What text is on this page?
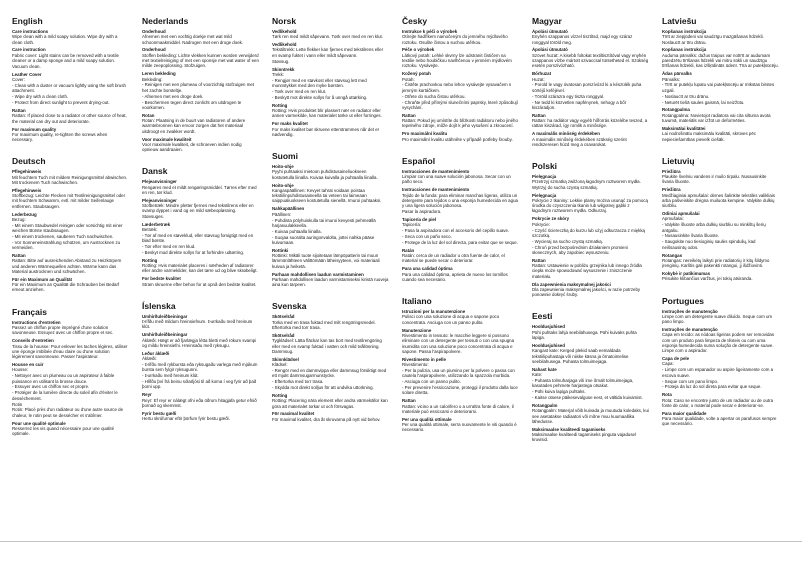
English
Care instructions

Wipe clean with a mild soapy solution. Wipe dry with a clean cloth.

Care instruction

Fabric cover: Light stains can be removed with a textile cleaner or a damp sponge and a mild soapy solution.

Vacuum clean.

Leather Cover

Cover:

- Clean with a duster or vacuum lightly using the soft brush attachment.

- Wipe dry with a clean cloth.

- Protect from direct sunlight to prevent drying-out.

Rattan

Rattan: If placed close to a radiator or other source of heat, the material can dry out and deteriorate.

For maximum quality

For maximum quality, re-tighten the screws when necessary.

Deutsch
Pflegehinweis

Mit feuchtem Tuch mit mildem Reinigungsmittel abwischen. Mit trockenem Tuch nachwischen.

Pflegehinweis

Stoffbezug: Leichte Flecken mit Textilreinigungsmittel oder mit feuchtem Schwamm, evtl. mit milder Seifenlauge entfernen. Staubsaugen.

Lederbezug

Bezug:

- Mit einem Staubwedel reinigen oder vorsichtig mit einer weichen Bürste staubsaugen.

- Mit einem trockenen, sauberen Tuch nachwischen.

- Vor Sonneneinstrahlung schützen, um Austrocknen zu vermeiden.

Rattan

Rattan: Bitte auf ausreichenden Abstand zu Heizkörpern und anderen Wärmequellen achten. Wärme kann das Material austrocknen und schwächen.

Für ein Maximum an Qualität

Für ein Maximum an Qualität die Schrauben bei Bedarf erneut anziehen.

Français
Instructions d'entretien

Passez un chiffon propre imprégné d'une solution savonneuse. Essuyez avec un chiffon propre et sec.

Conseils d'entretien

Tissu de la housse: Pour enlever les taches légères, utiliser une éponge imbibée d'eau claire ou d'une solution légèrement savonneuse. Passer l'aspirateur.

Housse en cuir

Housse:

- Nettoyer avec un plumeau ou un aspirateur à faible puissance en utilisant la brosse douce.

- Essuyer avec un chiffon sec et propre.

- Protéger de la lumière directe du soleil afin d'éviter le dessèchement.

Rotin

Rotin: Placé près d'un radiateur ou d'une autre source de chaleur, le rotin peut se dessécher et s'abîmer.

Pour une qualité optimale

Resserrez les vis quand nécessaire pour une qualité optimale.

Nederlands
Onderhoud

Afnemen met een vochtig doekje met wat mild schoonmaakmiddel. Nadrogen met een droge doek.

Onderhoud

Stoffen bekleding: Lichte vlekken kunnen worden verwijderd met textielreiniging of met een sponsje met wat water of een milde zeepoplossing. Stofzuigen.

Leren bekleding

Bekleding:

- Reinigen met een plumeau of voorzichtig stofzuigen met het zachte borsteltje.

- Afnemen met een droge doek.

- Beschermen tegen direct zonlicht om uitdrogen te voorkomen.

Rotan

Rotan: Plaatsing in de buurt van radiatoren of andere warmtebronnen kan ervoor zorgen dat het materiaal uitdroogt en zwakker wordt.

Voor maximale kwaliteit

Voor maximale kwaliteit, de schroeven indien nodig opnieuw aandraaien.

Dansk
Plejeanvisninger

Rengøres med et mildt rengøringsmiddel. Tørres efter med en ren, tør klud.

Plejeanvisninger

Stofbetræk: Mindre pletter fjernes med tekstilrens eller en svamp dyppet i vand og en mild sæbeopløsning. Støvsuges.

Læderbetræk

Betræk:

- Tør af med en støveklud, eller støvsug forsigtigt med en blød børste.

- Tør efter med en ren klud.

- Beskyt mod direkte sollys for at forhindre udtørring.

Rotting

Rotting: Hvis materialet placeres i nærheden af radiatorer eller andre varmekilder, kan det tørre ud og blive skrøbeligt.

For bedste kvalitet

Stram skruerne efter behov for at opnå den bedste kvalitet.

Íslenska
Umhirðuleiðbeiningar

Þrífðu með mildum hreinsiefnum. Þurrkaðu með hreinum klút.

Umhirðuleiðbeiningar

Áklæði: Hægt er að fjarlægja létta bletti með rökum svampi og mildu hreinsiefni. Hreinsaðu með ryksugu.

Leður áklæði

Áklæði:

- Þrífðu með rykbursta eða ryksugaðu varlega með mjúkum bursta sem fylgir ryksugunni.

- Þurrkaðu með hreinum klút.

- Hlífðu því frá beinu sólarljósi til að koma í veg fyrir að það þorni upp.

Reyr

Reyr: Ef reyr er nálægt ofni eða öðrum hitagjafa getur efnið þornað og skemmst.

Fyrir bestu gæði

Hertu skrúfurnar eftir þörfum fyrir bestu gæði.

Norsk
Vedlikehold

Tørk ren med mildt såpevann. Tørk over med en ren klut.

Vedlikehold

Tekstiltrekk: Lette flekker kan fjernes med tekstilrens eller en svamp fuktet i vann eller mildt såpevann.

Støvsug.

Skinntrekk

Trekk:

- Rengjør med en støvkost eller støvsug lett med munnstykket med den myke børsten.

- Tørk over med en ren klut.

- Beskytt mot direkte sollys for å unngå uttørking.

Rotting

Rotting: Hvis produktet blir plassert nær en radiator eller annen varmekilde, kan materialet tørke ut eller forringes.

For maks kvalitet

For maks kvalitet bør skruene etterstrammes når det er nødvendig.

Suomi
Hoito-ohje

Pyyhi puhtaaksi mietoon puhdistusaineliuokseen kostutetulla liinalla. Kuivaa kuivalla ja puhtaalla liinalla.

Hoito-ohje

Kangaspäällinen: Kevyet tahrat voidaan poistaa tekstiilinpuhdistusaineella tai veteen tai laimeaan saippualiuokseen kostutetulla sienellä. Imuroi puhtaaksi.

Nahkapäällinen

Päällinen:

- Puhdista pölyhuiskulla tai imuroi kevyesti pehmeällä harjasuulakkeella.

- Kuivaa puhtaalla liinalla.

- Suojaa suoralta auringonvalolta, jottei nahka pääse kuivumaan.

Rottinki

Rottinki: Mikäli tuote sijoitetaan lämpöpatterin tai muun lämmönlähteen välittömään läheisyyteen, voi materiaali kuivua ja heiketä.

Parhaan mahdollisen laadun varmistaminen

Parhaan mahdollisen laadun varmistamiseksi kiristä ruuveja aina kun tarpeen.

Svenska
Skötselråd

Torka med en trasa fuktad med milt rengöringsmedel. Eftertorka med torr trasa.

Skötselråd

Tygklädsel: Lätta fläckar kan tas bort med textilrengöring eller med en svamp fuktad i vatten och mild tvållösning. Dammsug.

Skinnklädsel

Klädsel:

- Rengör med en dammvippa eller dammsug försiktigt med ett mjukt dammsugarmunstycke.

- Eftertorka med torr trasa.

- Skydda mot direkt solljus för att undvika uttorkning.

Rotting

Rotting: Placering nära element eller andra värmekällor kan göra att materialet torkar ut och försvagas.

För maximal kvalitet

För maximal kvalitet, dra åt skruvarna på nytt vid behov.

Česky
Instrukce k péči o výrobek

Otírejte hadříkem namočeným do jemného mýdlového roztoku. Osušte čistou a suchou utěrkou.

Péče o výrobek

Látkový potah: Lehké skvrny lze odstranit čističem na textilie nebo houbičkou navlhčenou v jemném mýdlovém roztoku. Vysávejte.

Kožený potah

Potah:

- Čistěte prachovkou nebo lehce vysávejte vysavačem s jemným kartáčkem.

- Otřete do sucha čistou utěrkou.

- Chraňte před přímými slunečními paprsky, které způsobují vysychání.

Rattan

Rattan: Pokud jej umístíte do blízkosti radiátoru nebo jiného tepelného zdroje, může dojít k jeho vysušení a zkroucení.

Pro maximální kvalitu

Pro maximální kvalitu utáhněte v případě potřeby šrouby.

Español
Instrucciones de mantenimiento

Limpiar con una suave solución jabonosa. Secar con un paño seco.

Instrucciones de mantenimiento

Tejido de la funda: para eliminar manchas ligeras, utiliza un detergente para tejidos o una esponja humedecida en agua y una ligera solución jabonosa.

Pasar la aspiradora.

Tapicería de piel

Tapicería:

- Pasa la aspiradora con el accesorio del cepillo suave.

- Seca con un paño seco.

- Protege de la luz del sol directa, para evitar que se seque.

Ratán

Ratán: cerca de un radiador u otra fuente de calor, el material se puede secar o deteriorar.

Para una calidad óptima

Para una calidad óptima, aprieta de nuevo los tornillos cuando sea necesario.

Italiano
Istruzioni per la manutenzione

Pulisci con una soluzione di acqua e sapone poco concentrata. Asciuga con un panno pulito.

Manutenzione

Rivestimento in tessuto: le macchie leggere si possono eliminare con un detergente per tessuti o con una spugna inumidita con una soluzione poco concentrata di acqua e sapone. Passa l'aspirapolvere.

Rivestimento in pelle

Rivestimento:

- Per la pulizia, usa un piumino per la polvere o passa con cautela l'aspirapolvere, utilizzando la spazzola morbida.

- Asciuga con un panno pulito.

- Per prevenire l'essiccazione, proteggi il prodotto dalla luce solare diretta.

Rattan

Rattan: vicino a un calorifero o a un'altra fonte di calore, il materiale può essiccarsi e deteriorarsi.

Per una qualità ottimale

Per una qualità ottimale, serra nuovamente le viti quando è necessario.

Magyar
Ápolási útmutató

Enyhén szappanos vízzel tisztítsd, majd egy száraz ronggyal töröld meg.

Ápolási útmutató

Szövet huzat: A kisebb foltokat textiltisztítóval vagy enyhén szappanos vízbe mártott szivaccsal tüntetheted el. Szükség esetén porszívózható.

Bőrhuzat

Huzat:

- Porold le vagy óvatosan porszívózd ki a készülék puha sörtéjű keféjével.

- Töröld szárazra egy tiszta ronggyal.

- Ne tedd ki közvetlen napfénynek, nehogy a bőr kiszáradjon.

Rattan

Rattan: ha radiátor vagy egyéb hőforrás közelébe teszed, a rattan kiszárad, így romlik a minősége.

A maximális minőség érdekében

A maximális minőség érdekében szükség szerint rendszeresen húzd meg a csavarokat.

Polski
Pielęgnacja

Przetrzyj szmatką zwilżoną łagodnym roztworem mydła. Wytrzyj do sucha czystą szmatką.

Pielęgnacja

Pokrycie z tkaniny: Lekkie plamy można usunąć za pomocą środka do czyszczenia tkanin lub wilgotnej gąbki z łagodnym roztworem mydła. Odkurzaj.

Pokrycie ze skóry

Pokrycie:

- Czyść ściereczką do kurzu lub użyj odkurzacza z miękką szczotką.

- Wycieraj na sucho czystą szmatką.

- Chroń przed bezpośrednim działaniem promieni słonecznych, aby zapobiec wysuszeniu.

Rattan

Rattan: Ustawienie w pobliżu grzejnika lub innego źródła ciepła może spowodować wysuszenie i zniszczenie materiału.

Dla zapewnienia maksymalnej jakości

Dla zapewnienia maksymalnej jakości, w razie potrzeby ponownie dokręć śruby.

Eesti
Hooldusjuhised

Pühi puhtaks lahja seebilahusega. Pühi kuivaks puhta lapiga.

Hooldusjuhised

Kangast kate: Kerged plekid saab eemaldada tekstiilipuhastaja või niiske käsna ja õrnatoimelise seebilahusega. Puhasta tolmuimejaga.

Nahast kate

Kate:

- Puhasta tolmuharjaga või ime õrnalt tolmuimejaga, kasutades pehmete harjastega otsakut.

- Pühi kuiva lapiga puhtaks.

- Kaitse otsese päikesevalguse eest, et vältida kuivamist.

Rotangpalm

Rotangpalm: Materjal võib kuivada ja muutuda koledaks, kui see asetatakse radiaatori või mõne muu kuumaallika lähedusse.

Maksimaalse kvaliteedi tagamiseks

Maksimaalse kvaliteedi tagamiseks pinguta vajadusel kruvisid.

Latviešu
Kopšanas instrukcija

Tīrīt ar ziepjūdeni vai saudzīgu mazgāšanas līdzekli. Noslaucīt ar tīru drānu.

Kopšanas instrukcija

Auduma pārvalks: dažus traipus var notīrīt ar audumam paredzētu tīrīšanas līdzekli vai mitru sūkli un saudzīgu tīrīšanas līdzekli, kas izšķīdināts ūdenī. Tīra ar putekļsūcēju.

Ādas pārvalks

Pārvalks:

- Tīrīt ar putekļu lupatu vai putekļsūcēju ar mīkstas birstes uzgali.

- Noslaucīt ar tīru drānu.

- Neturēt tiešā saules gaismā, lai neizžūtu.

Rotangpalma

Rotangpalma: Novietojot radiatora vai cita siltuma avota tuvumā, materiāls var izžūt un deformēties.

Maksimālai kvalitātei

Lai nodrošinātu maksimālu kvalitāti, skrūves pēc nepieciešamības pievelk ciešāk.

Lietuvių
Priežiūra

Plaukite švelniu vandens ir muilo tirpalu. Nusausinkite švaria šluoste.

Priežiūra

Medžiaginiai apmušalai: dėmes šalinkite tekstilės valikliais arba pašveiskite drėgna muiluota kempine. Valykite dulkių siurbliu.

Odiniai apmušalai

Apmušalai:

- Valykite šluoste arba dulkių siurbliu su minkštų šerių antgaliu.

- Nusausinkite švaria šluoste.

- Saugokite nuo tiesioginių saulės spindulių, kad neišsausintų odos.

Rotangas

Rotangas: nereikėtų laikyti prie radiatorių ir kitų šildymo įrenginių. Karštis gali pakenkti rotangui, jį išdžiovinti.

Kokybė ir patikimumas

Prisukite klibančius varžtus, jei tokių atsiranda.

Portugues
Instruções de manutenção

Limpe com um detergente suave diluído. Seque com um pano limpo.

Instruções de manutenção

Capa em tecido: as nódoas ligeiras podem ser removidas com um produto para limpeza de têxteis ou com uma esponja humedecida numa solução de detergente suave. Limpe com o aspirador.

Capa de pele

Capa:

- Limpe com um espanador ou aspire ligeiramente com a escova suave.

- Seque com um pano limpo.

- Proteja da luz do sol direta para evitar que seque.

Rota

Rota: Caso se encontre junto de um radiador ou de outra fonte de calor, o material pode secar e deteriorar-se.

Para maior qualidade

Para maior qualidade, volte a apertar os parafusos sempre que necessário.
